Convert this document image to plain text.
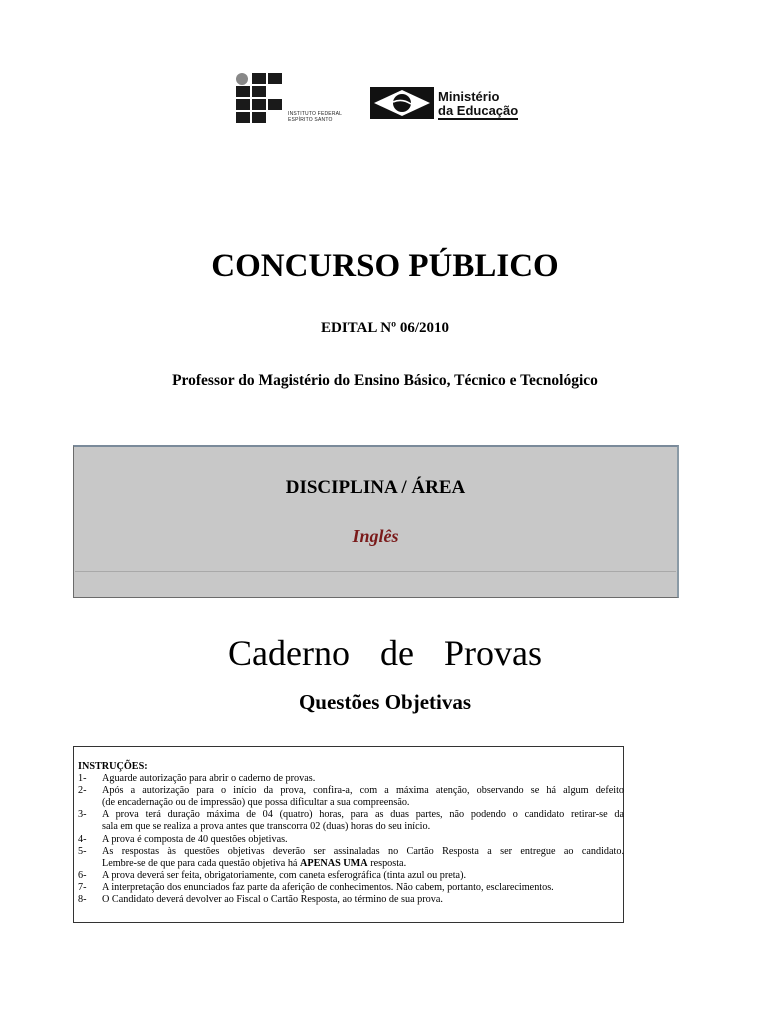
INSTITUTO FEDERAL
ESPÍRITO SANTO
Ministério
da Educação
CONCURSO PÚBLICO
EDITAL Nº 06/2010
Professor do Magistério do Ensino Básico, Técnico e Tecnológico
DISCIPLINA / ÁREA
Inglês
Caderno  de  Provas
Questões Objetivas
INSTRUÇÕES:
1- Aguarde autorização para abrir o caderno de provas.
2- Após a autorização para o início da prova, confira-a, com a máxima atenção, observando se há algum defeito
(de encadernação ou de impressão) que possa dificultar a sua compreensão.
3- A prova terá duração máxima de 04 (quatro) horas, para as duas partes, não podendo o candidato retirar-se da
sala em que se realiza a prova antes que transcorra 02 (duas) horas do seu início.
4- A prova é composta de 40 questões objetivas.
5- As respostas às questões objetivas deverão ser assinaladas no Cartão Resposta a ser entregue ao candidato.
Lembre-se de que para cada questão objetiva há APENAS UMA resposta.
6- A prova deverá ser feita, obrigatoriamente, com caneta esferográfica (tinta azul ou preta).
7- A interpretação dos enunciados faz parte da aferição de conhecimentos. Não cabem, portanto, esclarecimentos.
8- O Candidato deverá devolver ao Fiscal o Cartão Resposta, ao término de sua prova.
